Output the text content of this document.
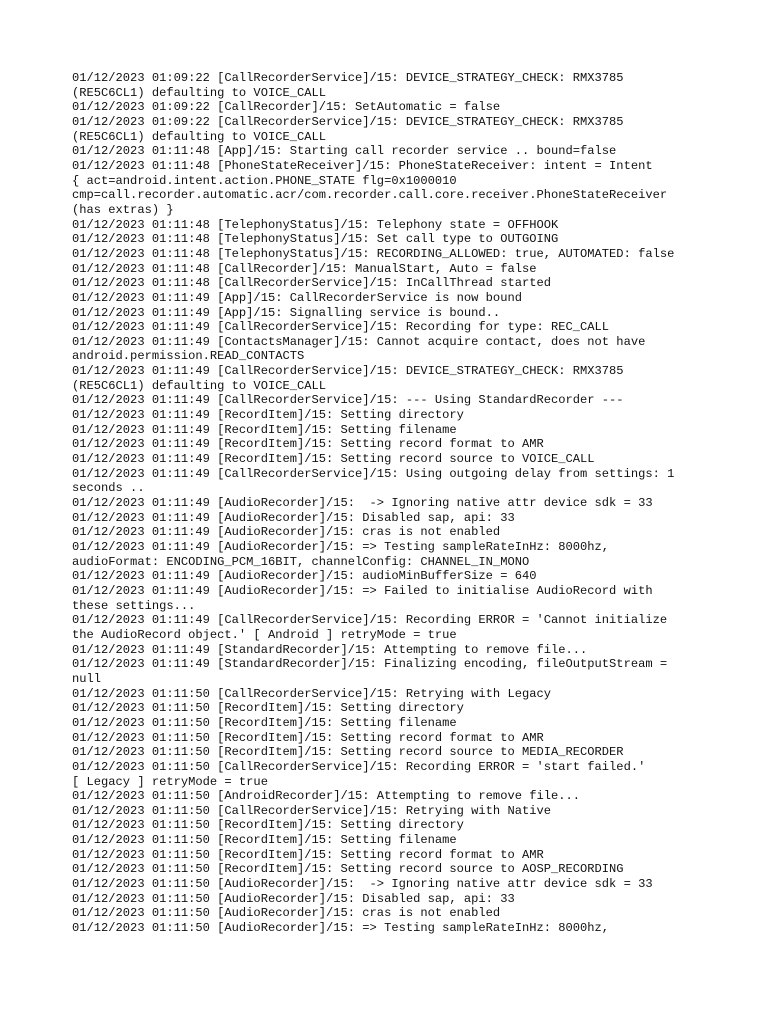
01/12/2023 01:09:22 [CallRecorderService]/15: DEVICE_STRATEGY_CHECK: RMX3785

(RE5C6CL1) defaulting to VOICE_CALL

01/12/2023 01:09:22 [CallRecorder]/15: SetAutomatic = false

01/12/2023 01:09:22 [CallRecorderService]/15: DEVICE_STRATEGY_CHECK: RMX3785

(RE5C6CL1) defaulting to VOICE_CALL

01/12/2023 01:11:48 [App]/15: Starting call recorder service .. bound=false

01/12/2023 01:11:48 [PhoneStateReceiver]/15: PhoneStateReceiver: intent = Intent

{ act=android.intent.action.PHONE_STATE flg=0x1000010

cmp=call.recorder.automatic.acr/com.recorder.call.core.receiver.PhoneStateReceiver

(has extras) }

01/12/2023 01:11:48 [TelephonyStatus]/15: Telephony state = OFFHOOK

01/12/2023 01:11:48 [TelephonyStatus]/15: Set call type to OUTGOING

01/12/2023 01:11:48 [TelephonyStatus]/15: RECORDING_ALLOWED: true, AUTOMATED: false

01/12/2023 01:11:48 [CallRecorder]/15: ManualStart, Auto = false

01/12/2023 01:11:48 [CallRecorderService]/15: InCallThread started

01/12/2023 01:11:49 [App]/15: CallRecorderService is now bound

01/12/2023 01:11:49 [App]/15: Signalling service is bound..

01/12/2023 01:11:49 [CallRecorderService]/15: Recording for type: REC_CALL

01/12/2023 01:11:49 [ContactsManager]/15: Cannot acquire contact, does not have

android.permission.READ_CONTACTS

01/12/2023 01:11:49 [CallRecorderService]/15: DEVICE_STRATEGY_CHECK: RMX3785

(RE5C6CL1) defaulting to VOICE_CALL

01/12/2023 01:11:49 [CallRecorderService]/15: --- Using StandardRecorder ---

01/12/2023 01:11:49 [RecordItem]/15: Setting directory

01/12/2023 01:11:49 [RecordItem]/15: Setting filename

01/12/2023 01:11:49 [RecordItem]/15: Setting record format to AMR

01/12/2023 01:11:49 [RecordItem]/15: Setting record source to VOICE_CALL

01/12/2023 01:11:49 [CallRecorderService]/15: Using outgoing delay from settings: 1

seconds ..

01/12/2023 01:11:49 [AudioRecorder]/15:  -> Ignoring native attr device sdk = 33

01/12/2023 01:11:49 [AudioRecorder]/15: Disabled sap, api: 33

01/12/2023 01:11:49 [AudioRecorder]/15: cras is not enabled

01/12/2023 01:11:49 [AudioRecorder]/15: => Testing sampleRateInHz: 8000hz,

audioFormat: ENCODING_PCM_16BIT, channelConfig: CHANNEL_IN_MONO

01/12/2023 01:11:49 [AudioRecorder]/15: audioMinBufferSize = 640

01/12/2023 01:11:49 [AudioRecorder]/15: => Failed to initialise AudioRecord with

these settings...

01/12/2023 01:11:49 [CallRecorderService]/15: Recording ERROR = 'Cannot initialize

the AudioRecord object.' [ Android ] retryMode = true

01/12/2023 01:11:49 [StandardRecorder]/15: Attempting to remove file...

01/12/2023 01:11:49 [StandardRecorder]/15: Finalizing encoding, fileOutputStream =

null

01/12/2023 01:11:50 [CallRecorderService]/15: Retrying with Legacy

01/12/2023 01:11:50 [RecordItem]/15: Setting directory

01/12/2023 01:11:50 [RecordItem]/15: Setting filename

01/12/2023 01:11:50 [RecordItem]/15: Setting record format to AMR

01/12/2023 01:11:50 [RecordItem]/15: Setting record source to MEDIA_RECORDER

01/12/2023 01:11:50 [CallRecorderService]/15: Recording ERROR = 'start failed.'

[ Legacy ] retryMode = true

01/12/2023 01:11:50 [AndroidRecorder]/15: Attempting to remove file...

01/12/2023 01:11:50 [CallRecorderService]/15: Retrying with Native

01/12/2023 01:11:50 [RecordItem]/15: Setting directory

01/12/2023 01:11:50 [RecordItem]/15: Setting filename

01/12/2023 01:11:50 [RecordItem]/15: Setting record format to AMR

01/12/2023 01:11:50 [RecordItem]/15: Setting record source to AOSP_RECORDING

01/12/2023 01:11:50 [AudioRecorder]/15:  -> Ignoring native attr device sdk = 33

01/12/2023 01:11:50 [AudioRecorder]/15: Disabled sap, api: 33

01/12/2023 01:11:50 [AudioRecorder]/15: cras is not enabled

01/12/2023 01:11:50 [AudioRecorder]/15: => Testing sampleRateInHz: 8000hz,
